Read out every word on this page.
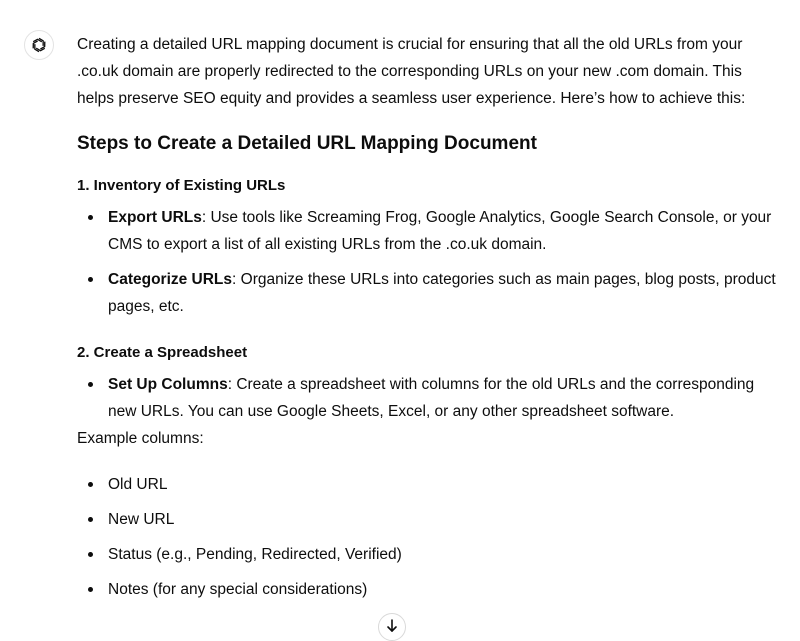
Creating a detailed URL mapping document is crucial for ensuring that all the old URLs from your .co.uk domain are properly redirected to the corresponding URLs on your new .com domain. This helps preserve SEO equity and provides a seamless user experience. Here’s how to achieve this:

Steps to Create a Detailed URL Mapping Document
1. Inventory of Existing URLs
Export URLs: Use tools like Screaming Frog, Google Analytics, Google Search Console, or your CMS to export a list of all existing URLs from the .co.uk domain.
Categorize URLs: Organize these URLs into categories such as main pages, blog posts, product pages, etc.
2. Create a Spreadsheet
Set Up Columns: Create a spreadsheet with columns for the old URLs and the corresponding new URLs. You can use Google Sheets, Excel, or any other spreadsheet software.

Example columns:

Old URL
New URL
Status (e.g., Pending, Redirected, Verified)
Notes (for any special considerations)
